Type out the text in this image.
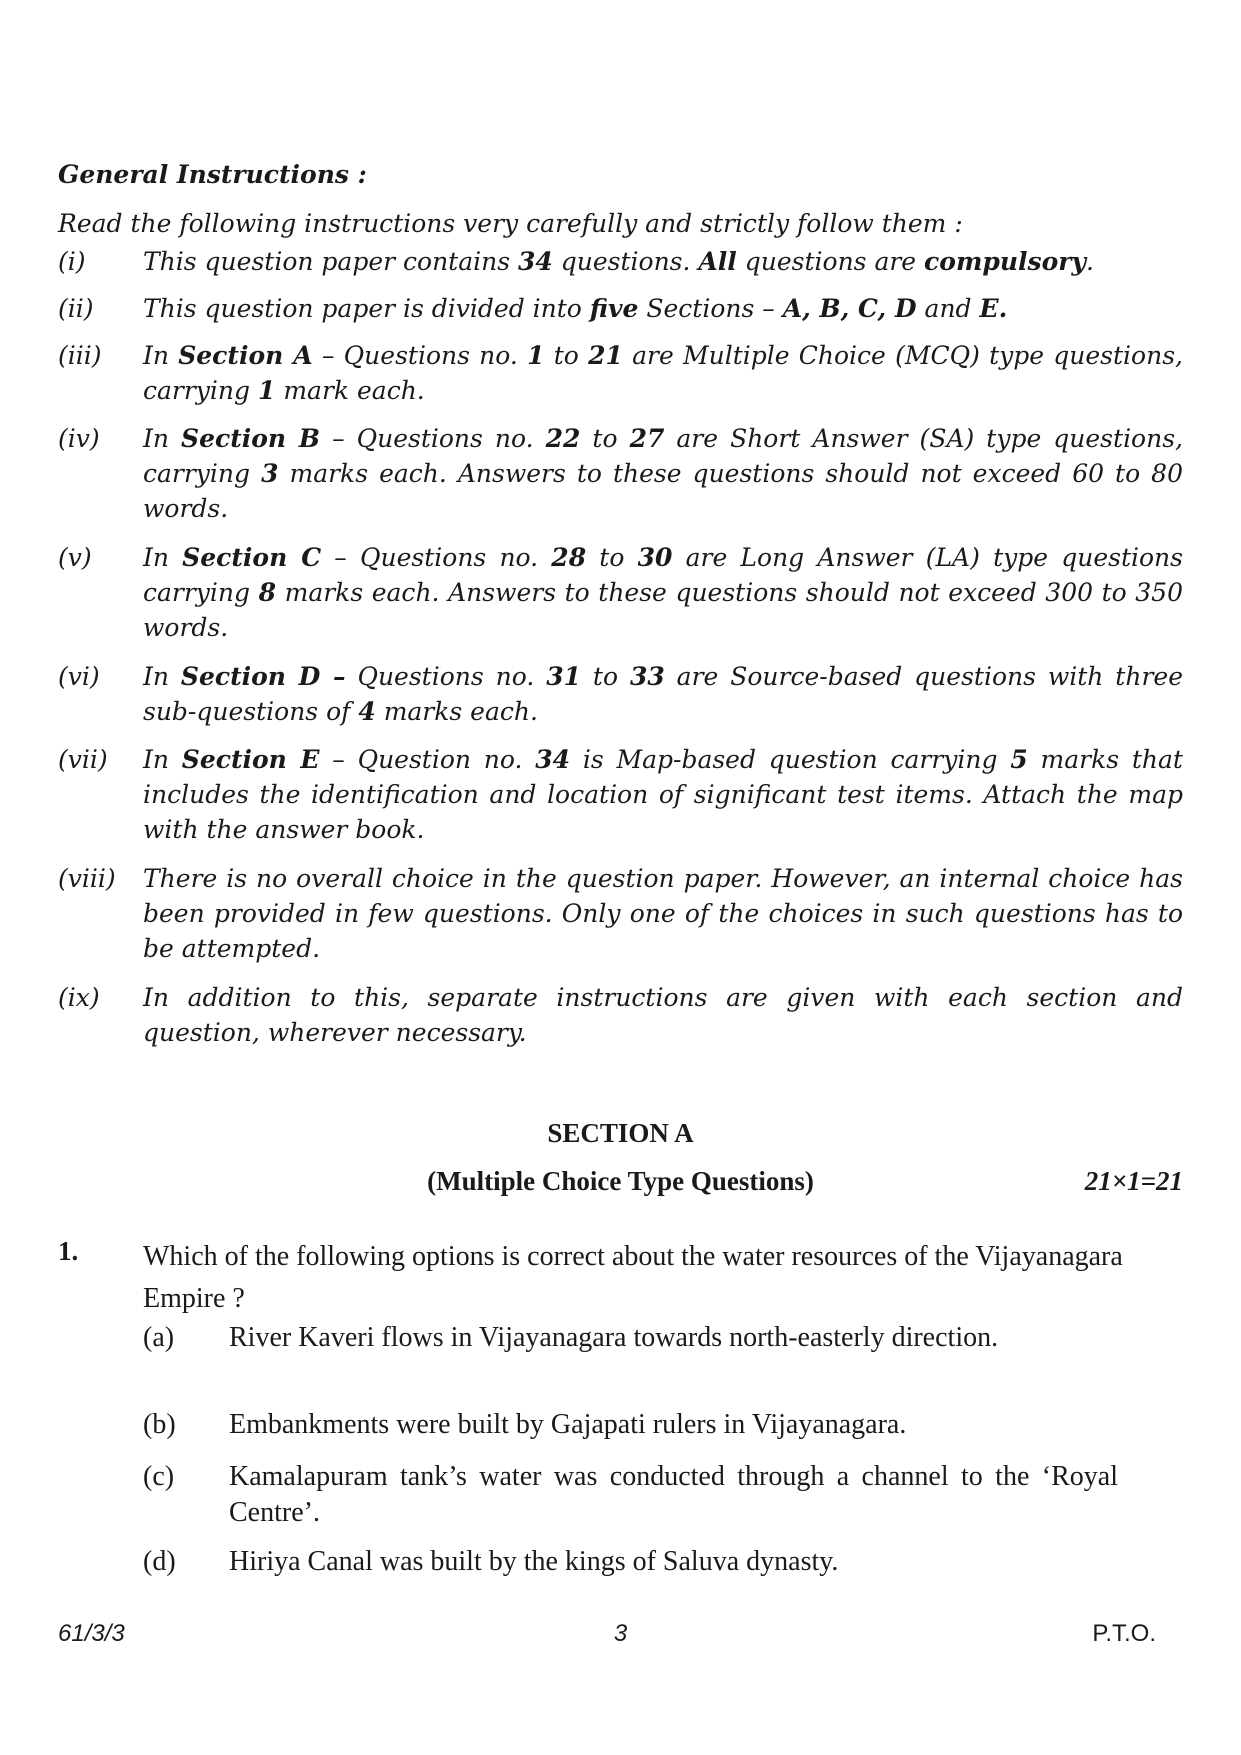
General Instructions :
Read the following instructions very carefully and strictly follow them :
(i)	This question paper contains 34 questions. All questions are compulsory.
(ii)	This question paper is divided into five Sections – A, B, C, D and E.
(iii)	In Section A – Questions no. 1 to 21 are Multiple Choice (MCQ) type questions, carrying 1 mark each.
(iv)	In Section B – Questions no. 22 to 27 are Short Answer (SA) type questions, carrying 3 marks each. Answers to these questions should not exceed 60 to 80 words.
(v)	In Section C – Questions no. 28 to 30 are Long Answer (LA) type questions carrying 8 marks each. Answers to these questions should not exceed 300 to 350 words.
(vi)	In Section D – Questions no. 31 to 33 are Source-based questions with three sub-questions of 4 marks each.
(vii)	In Section E – Question no. 34 is Map-based question carrying 5 marks that includes the identification and location of significant test items. Attach the map with the answer book.
(viii)	There is no overall choice in the question paper. However, an internal choice has been provided in few questions. Only one of the choices in such questions has to be attempted.
(ix)	In addition to this, separate instructions are given with each section and question, wherever necessary.
SECTION A
(Multiple Choice Type Questions)	21×1=21
1. Which of the following options is correct about the water resources of the Vijayanagara Empire ?
(a) River Kaveri flows in Vijayanagara towards north-easterly direction.
(b) Embankments were built by Gajapati rulers in Vijayanagara.
(c) Kamalapuram tank’s water was conducted through a channel to the ‘Royal Centre’.
(d) Hiriya Canal was built by the kings of Saluva dynasty.
61/3/3	3	P.T.O.
